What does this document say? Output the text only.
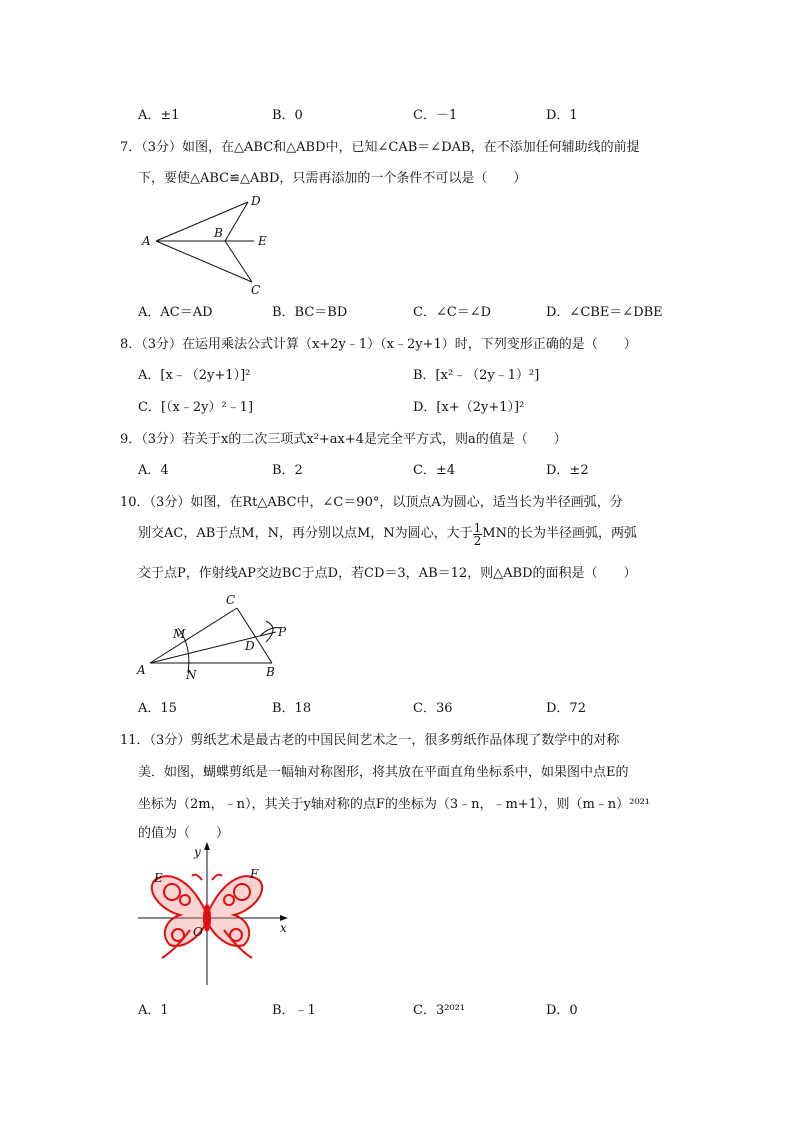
A．±1	B．0	C．－1	D．1
7．（3分）如图，在△ABC和△ABD中，已知∠CAB＝∠DAB，在不添加任何辅助线的前提
下，要使△ABC≌△ABD，只需再添加的一个条件不可以是（　　）
A
B
C
D
E
A．AC＝AD	B．BC＝BD	C．∠C＝∠D	D．∠CBE＝∠DBE
8．（3分）在运用乘法公式计算（x+2y﹣1）（x﹣2y+1）时，下列变形正确的是（　　）
A．[x﹣（2y+1）]²	B．[x²﹣（2y﹣1）²]
C．[（x﹣2y）²﹣1]	D．[x+（2y+1）]²
9．（3分）若关于x的二次三项式x²+ax+4是完全平方式，则a的值是（　　）
A．4	B．2	C．±4	D．±2
10．（3分）如图，在Rt△ABC中，∠C＝90°，以顶点A为圆心，适当长为半径画弧，分
别交AC，AB于点M，N，再分别以点M，N为圆心，大于 $\frac{1}{2}$ MN的长为半径画弧，两弧
交于点P，作射线AP交边BC于点D，若CD＝3，AB＝12，则△ABD的面积是（　　）
A	B
C
D
M
N
P
A．15	B．18	C．36	D．72
11．（3分）剪纸艺术是最古老的中国民间艺术之一，很多剪纸作品体现了数学中的对称
美．如图，蝴蝶剪纸是一幅轴对称图形，将其放在平面直角坐标系中，如果图中点E的
坐标为（2m，﹣n），其关于y轴对称的点F的坐标为（3﹣n，﹣m+1），则（m﹣n）²⁰²¹
的值为（　　）
y
x
E	F
O
A．1	B．﹣1	C．3²⁰²¹	D．0
